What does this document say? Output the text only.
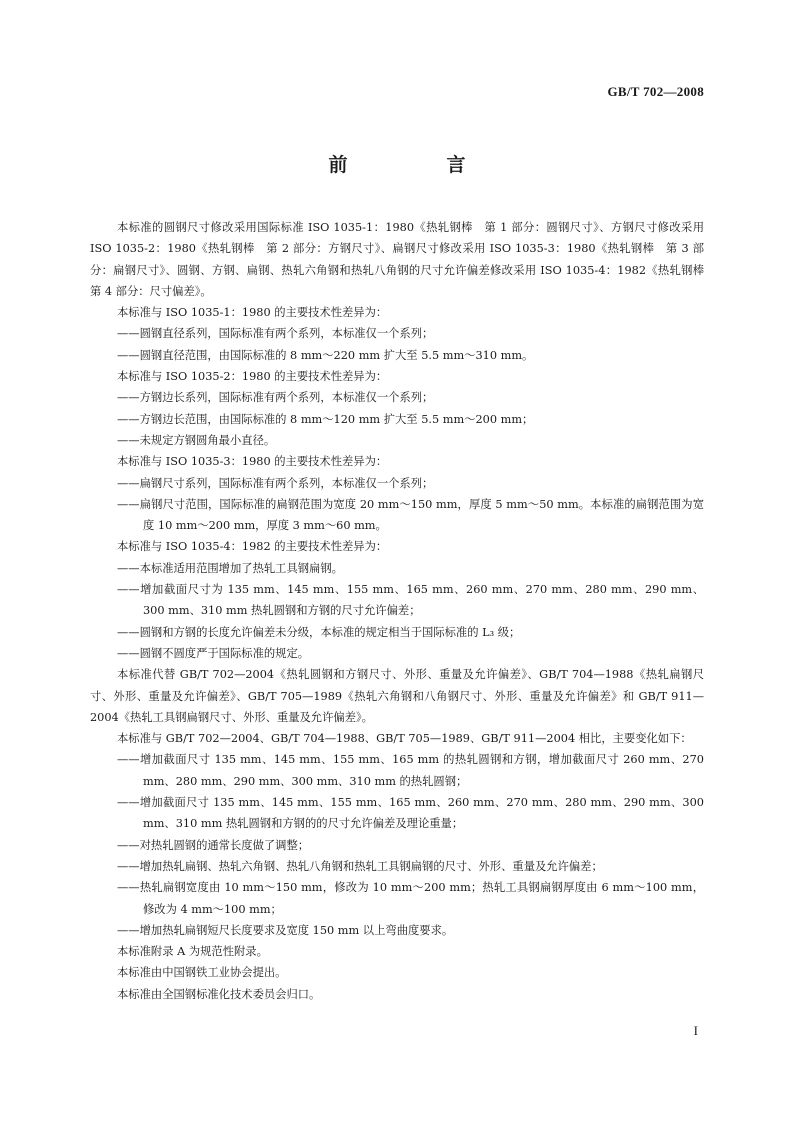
GB/T 702—2008
前　言

本标准的圆钢尺寸修改采用国际标准 ISO 1035-1：1980《热轧钢棒　第 1 部分：圆钢尺寸》、方钢尺寸修改采用 ISO 1035-2：1980《热轧钢棒　第 2 部分：方钢尺寸》、扁钢尺寸修改采用 ISO 1035-3：1980《热轧钢棒　第 3 部分：扁钢尺寸》、圆钢、方钢、扁钢、热轧六角钢和热轧八角钢的尺寸允许偏差修改采用 ISO 1035-4：1982《热轧钢棒　第 4 部分：尺寸偏差》。

本标准与 ISO 1035-1：1980 的主要技术性差异为：

——圆钢直径系列，国际标准有两个系列，本标准仅一个系列；

——圆钢直径范围，由国际标准的 8 mm～220 mm 扩大至 5.5 mm～310 mm。

本标准与 ISO 1035-2：1980 的主要技术性差异为：

——方钢边长系列，国际标准有两个系列，本标准仅一个系列；

——方钢边长范围，由国际标准的 8 mm～120 mm 扩大至 5.5 mm～200 mm；

——未规定方钢圆角最小直径。

本标准与 ISO 1035-3：1980 的主要技术性差异为：

——扁钢尺寸系列，国际标准有两个系列，本标准仅一个系列；

——扁钢尺寸范围，国际标准的扁钢范围为宽度 20 mm～150 mm，厚度 5 mm～50 mm。本标准的扁钢范围为宽度 10 mm～200 mm，厚度 3 mm～60 mm。

本标准与 ISO 1035-4：1982 的主要技术性差异为：

——本标准适用范围增加了热轧工具钢扁钢。

——增加截面尺寸为 135 mm、145 mm、155 mm、165 mm、260 mm、270 mm、280 mm、290 mm、300 mm、310 mm 热轧圆钢和方钢的尺寸允许偏差；

——圆钢和方钢的长度允许偏差未分级，本标准的规定相当于国际标准的 L₃ 级；

——圆钢不圆度严于国际标准的规定。

本标准代替 GB/T 702—2004《热轧圆钢和方钢尺寸、外形、重量及允许偏差》、GB/T 704—1988《热轧扁钢尺寸、外形、重量及允许偏差》、GB/T 705—1989《热轧六角钢和八角钢尺寸、外形、重量及允许偏差》和 GB/T 911—2004《热轧工具钢扁钢尺寸、外形、重量及允许偏差》。

本标准与 GB/T 702—2004、GB/T 704—1988、GB/T 705—1989、GB/T 911—2004 相比，主要变化如下：

——增加截面尺寸 135 mm、145 mm、155 mm、165 mm 的热轧圆钢和方钢，增加截面尺寸 260 mm、270 mm、280 mm、290 mm、300 mm、310 mm 的热轧圆钢；

——增加截面尺寸 135 mm、145 mm、155 mm、165 mm、260 mm、270 mm、280 mm、290 mm、300 mm、310 mm 热轧圆钢和方钢的的尺寸允许偏差及理论重量；

——对热轧圆钢的通常长度做了调整；

——增加热轧扁钢、热轧六角钢、热轧八角钢和热轧工具钢扁钢的尺寸、外形、重量及允许偏差；

——热轧扁钢宽度由 10 mm～150 mm，修改为 10 mm～200 mm；热轧工具钢扁钢厚度由 6 mm～100 mm，修改为 4 mm～100 mm；

——增加热轧扁钢短尺长度要求及宽度 150 mm 以上弯曲度要求。

本标准附录 A 为规范性附录。

本标准由中国钢铁工业协会提出。

本标准由全国钢标准化技术委员会归口。

I
